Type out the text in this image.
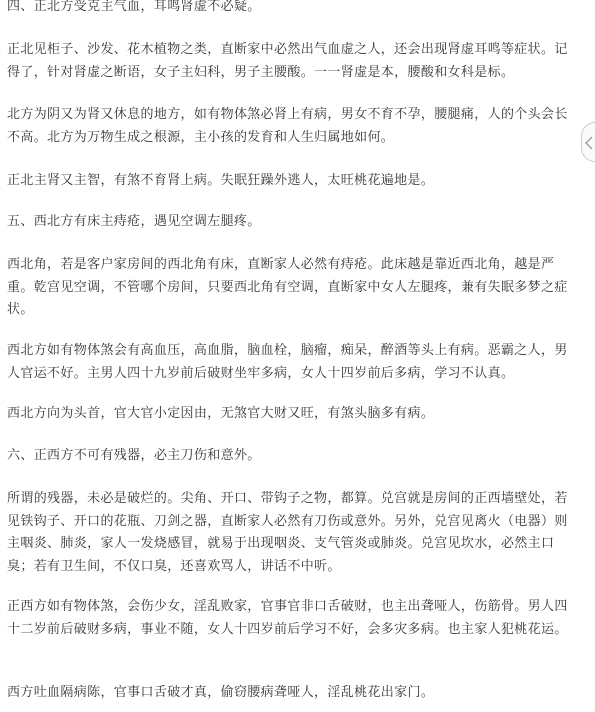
四、正北方受克主气血，耳鸣肾虚不必疑。

正北见柜子、沙发、花木植物之类，直断家中必然出气血虚之人，还会出现肾虚耳鸣等症状。记得了，针对肾虚之断语，女子主妇科，男子主腰酸。一一肾虚是本，腰酸和女科是标。

北方为阴又为肾又休息的地方，如有物体煞必肾上有病，男女不育不孕，腰腿痛，人的个头会长不高。北方为万物生成之根源，主小孩的发育和人生归属地如何。

正北主肾又主智，有煞不育肾上病。失眠狂躁外逃人，太旺桃花遍地是。

五、西北方有床主痔疮，遇见空调左腿疼。

西北角，若是客户家房间的西北角有床，直断家人必然有痔疮。此床越是靠近西北角，越是严重。乾宫见空调，不管哪个房间，只要西北角有空调，直断家中女人左腿疼，兼有失眠多梦之症状。

西北方如有物体煞会有高血压，高血脂，脑血栓，脑瘤，痴呆，醉酒等头上有病。恶霸之人，男人官运不好。主男人四十九岁前后破财坐牢多病，女人十四岁前后多病，学习不认真。

西北方向为头首，官大官小定因由，无煞官大财又旺，有煞头脑多有病。

六、正西方不可有残器，必主刀伤和意外。

所谓的残器，未必是破烂的。尖角、开口、带钩子之物，都算。兑宫就是房间的正西墙壁处，若见铁钩子、开口的花瓶、刀剑之器，直断家人必然有刀伤或意外。另外，兑宫见离火（电器）则主咽炎、肺炎，家人一发烧感冒，就易于出现咽炎、支气管炎或肺炎。兑宫见坎水，必然主口臭；若有卫生间，不仅口臭，还喜欢骂人，讲话不中听。

正西方如有物体煞，会伤少女，淫乱败家，官事官非口舌破财，也主出聋哑人，伤筋骨。男人四十二岁前后破财多病，事业不随，女人十四岁前后学习不好，会多灾多病。也主家人犯桃花运。

西方吐血隔病陈，官事口舌破才真，偷窃腰病聋哑人，淫乱桃花出家门。
